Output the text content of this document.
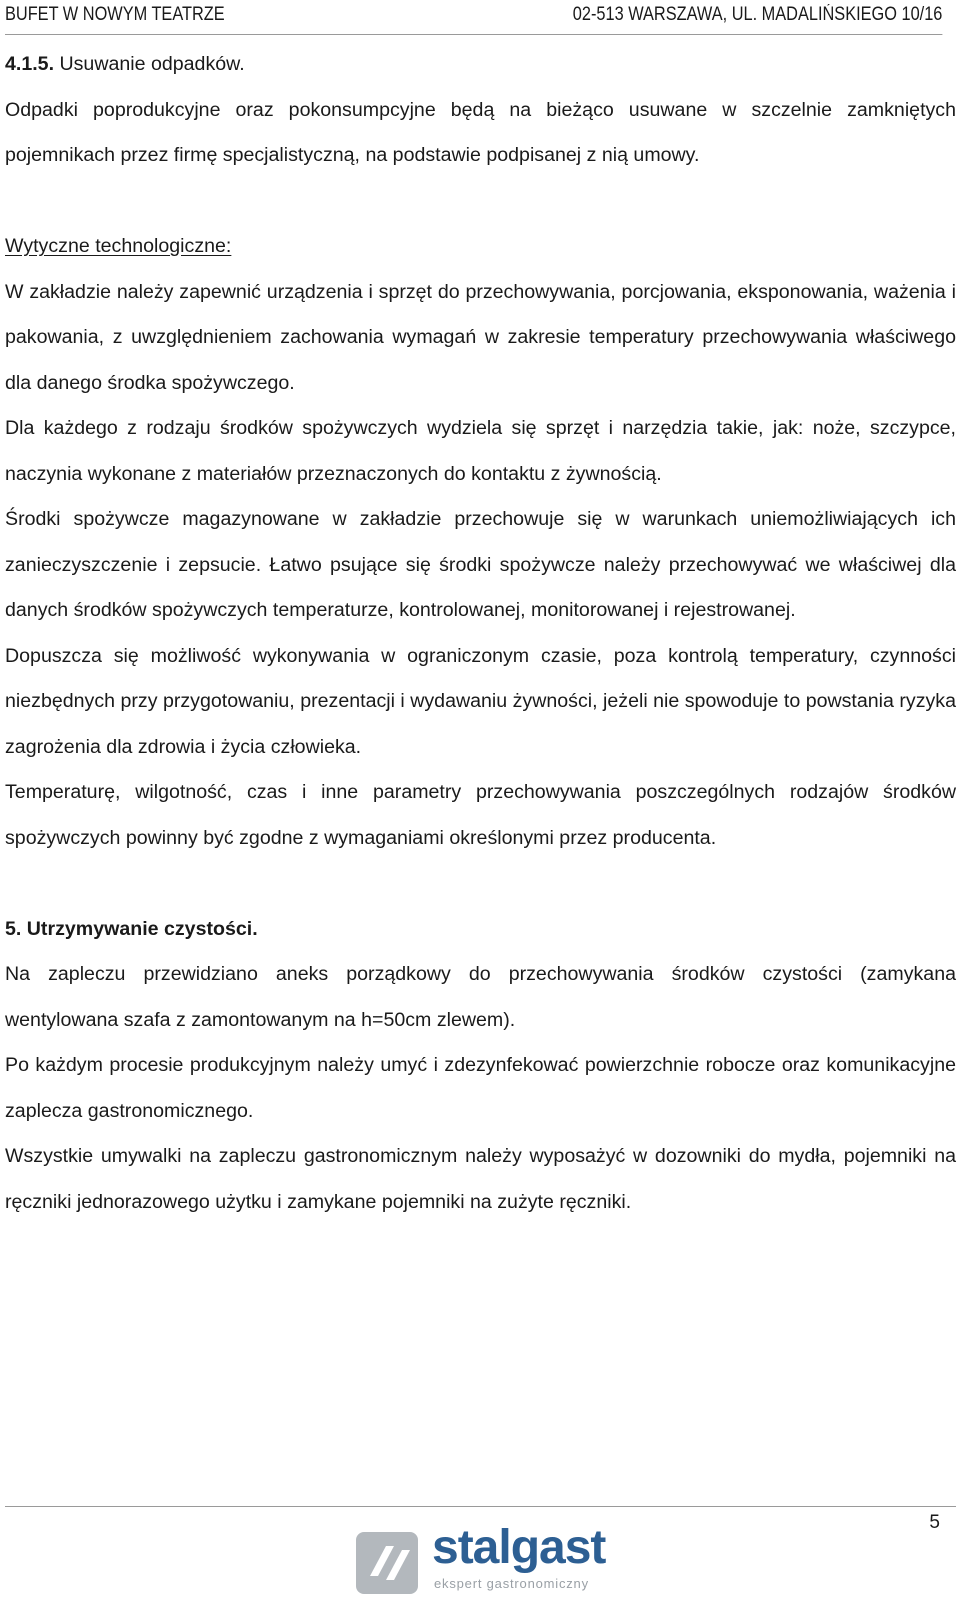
BUFET W NOWYM TEATRZE	02-513 WARSZAWA, UL. MADALIŃSKIEGO 10/16

4.1.5. Usuwanie odpadków.

Odpadki poprodukcyjne oraz pokonsumpcyjne będą na bieżąco usuwane w szczelnie zamkniętych pojemnikach przez firmę specjalistyczną, na podstawie podpisanej z nią umowy.

Wytyczne technologiczne:

W zakładzie należy zapewnić urządzenia i sprzęt do przechowywania, porcjowania, eksponowania, ważenia i pakowania, z uwzględnieniem zachowania wymagań w zakresie temperatury przechowywania właściwego dla danego środka spożywczego.

Dla każdego z rodzaju środków spożywczych wydziela się sprzęt i narzędzia takie, jak: noże, szczypce, naczynia wykonane z materiałów przeznaczonych do kontaktu z żywnością.

Środki spożywcze magazynowane w zakładzie przechowuje się w warunkach uniemożliwiających ich zanieczyszczenie i zepsucie. Łatwo psujące się środki spożywcze należy przechowywać we właściwej dla danych środków spożywczych temperaturze, kontrolowanej, monitorowanej i rejestrowanej.

Dopuszcza się możliwość wykonywania w ograniczonym czasie, poza kontrolą temperatury, czynności niezbędnych przy przygotowaniu, prezentacji i wydawaniu żywności, jeżeli nie spowoduje to powstania ryzyka zagrożenia dla zdrowia i życia człowieka.

Temperaturę, wilgotność, czas i inne parametry przechowywania poszczególnych rodzajów środków spożywczych powinny być zgodne z wymaganiami określonymi przez producenta.

5. Utrzymywanie czystości.

Na zapleczu przewidziano aneks porządkowy do przechowywania środków czystości (zamykana wentylowana szafa z zamontowanym na h=50cm zlewem).

Po każdym procesie produkcyjnym należy umyć i zdezynfekować powierzchnie robocze oraz komunikacyjne zaplecza gastronomicznego.

Wszystkie umywalki na zapleczu gastronomicznym należy wyposażyć w dozowniki do mydła, pojemniki na ręczniki jednorazowego użytku i zamykane pojemniki na zużyte ręczniki.

5
stalgast
ekspert gastronomiczny
